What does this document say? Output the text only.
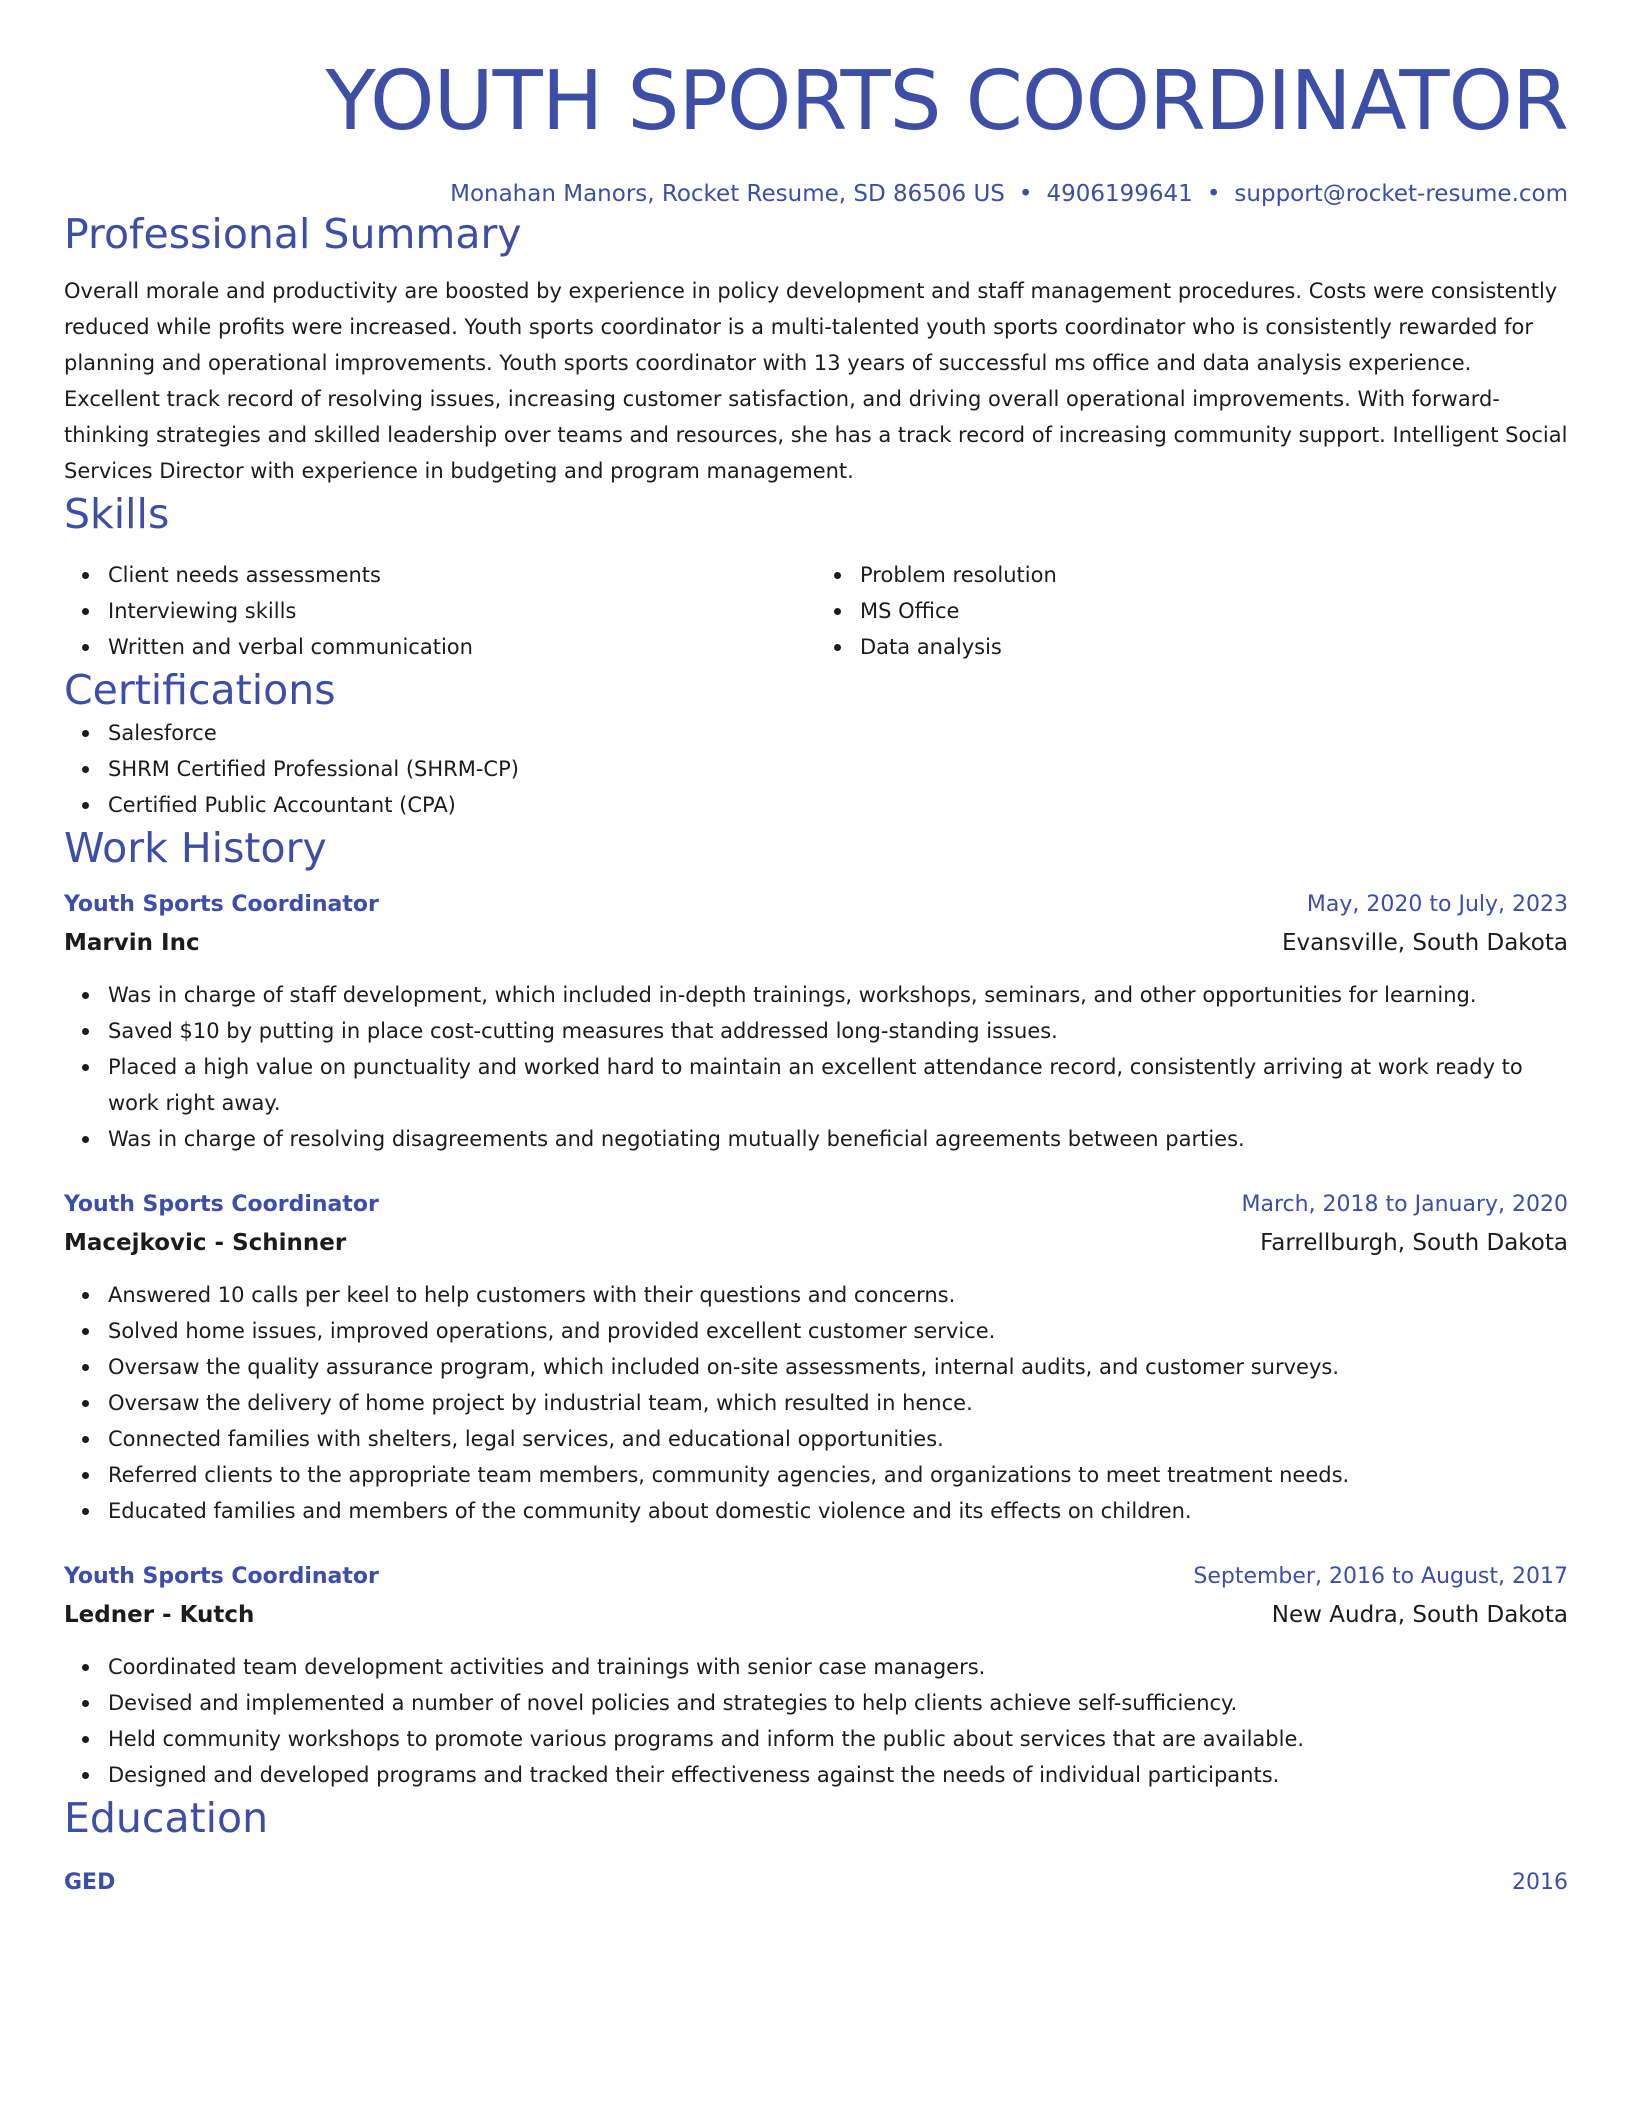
YOUTH SPORTS COORDINATOR
Monahan Manors, Rocket Resume, SD 86506 US • 4906199641 • support@rocket-resume.com
Professional Summary
Overall morale and productivity are boosted by experience in policy development and staff management procedures. Costs were consistently reduced while profits were increased. Youth sports coordinator is a multi-talented youth sports coordinator who is consistently rewarded for planning and operational improvements. Youth sports coordinator with 13 years of successful ms office and data analysis experience. Excellent track record of resolving issues, increasing customer satisfaction, and driving overall operational improvements. With forward-thinking strategies and skilled leadership over teams and resources, she has a track record of increasing community support. Intelligent Social Services Director with experience in budgeting and program management.
Skills
Client needs assessments
Interviewing skills
Written and verbal communication
Problem resolution
MS Office
Data analysis
Certifications
Salesforce
SHRM Certified Professional (SHRM-CP)
Certified Public Accountant (CPA)
Work History
Youth Sports Coordinator	May, 2020 to July, 2023
Marvin Inc	Evansville, South Dakota
Was in charge of staff development, which included in-depth trainings, workshops, seminars, and other opportunities for learning.
Saved $10 by putting in place cost-cutting measures that addressed long-standing issues.
Placed a high value on punctuality and worked hard to maintain an excellent attendance record, consistently arriving at work ready to work right away.
Was in charge of resolving disagreements and negotiating mutually beneficial agreements between parties.
Youth Sports Coordinator	March, 2018 to January, 2020
Macejkovic - Schinner	Farrellburgh, South Dakota
Answered 10 calls per keel to help customers with their questions and concerns.
Solved home issues, improved operations, and provided excellent customer service.
Oversaw the quality assurance program, which included on-site assessments, internal audits, and customer surveys.
Oversaw the delivery of home project by industrial team, which resulted in hence.
Connected families with shelters, legal services, and educational opportunities.
Referred clients to the appropriate team members, community agencies, and organizations to meet treatment needs.
Educated families and members of the community about domestic violence and its effects on children.
Youth Sports Coordinator	September, 2016 to August, 2017
Ledner - Kutch	New Audra, South Dakota
Coordinated team development activities and trainings with senior case managers.
Devised and implemented a number of novel policies and strategies to help clients achieve self-sufficiency.
Held community workshops to promote various programs and inform the public about services that are available.
Designed and developed programs and tracked their effectiveness against the needs of individual participants.
Education
GED	2016
